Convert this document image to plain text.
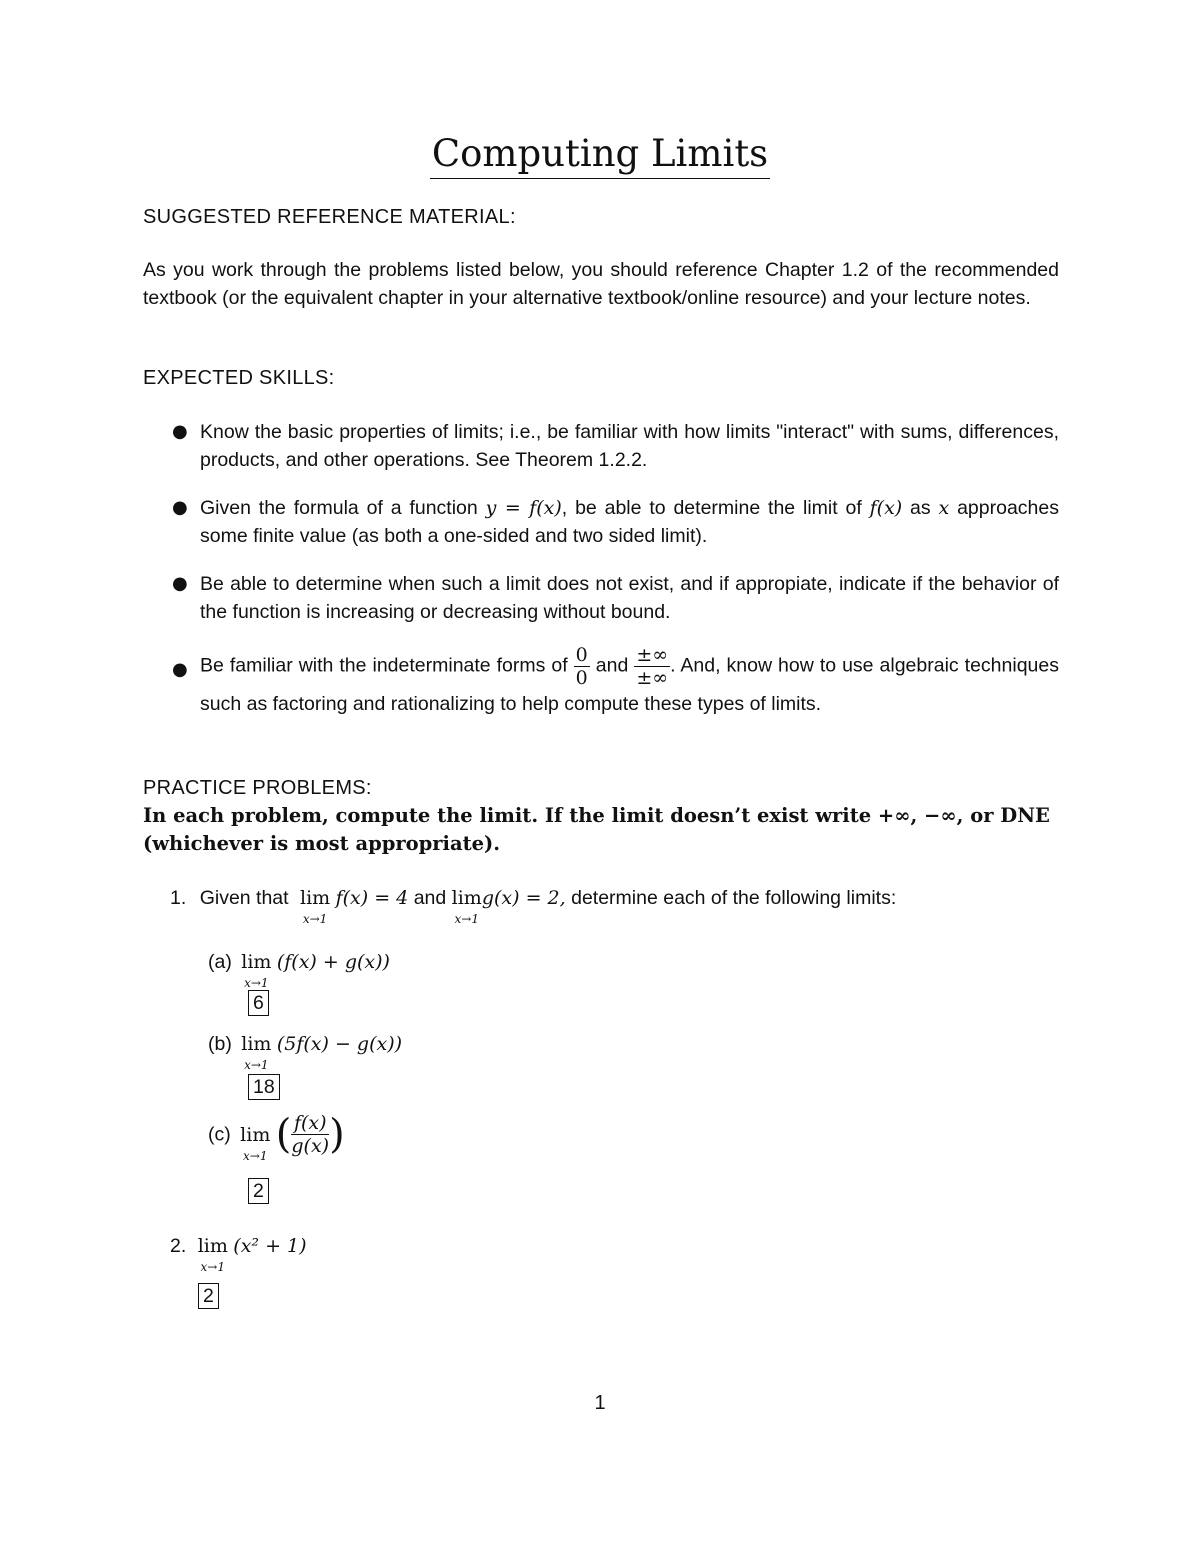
Computing Limits
SUGGESTED REFERENCE MATERIAL:
As you work through the problems listed below, you should reference Chapter 1.2 of the recommended textbook (or the equivalent chapter in your alternative textbook/online resource) and your lecture notes.
EXPECTED SKILLS:
● Know the basic properties of limits; i.e., be familiar with how limits "interact" with sums, differences, products, and other operations. See Theorem 1.2.2.
● Given the formula of a function y = f(x), be able to determine the limit of f(x) as x approaches some finite value (as both a one-sided and two sided limit).
● Be able to determine when such a limit does not exist, and if appropiate, indicate if the behavior of the function is increasing or decreasing without bound.
● Be familiar with the indeterminate forms of $\frac{0}{0}$ and $\frac{\pm\infty}{\pm\infty}$ . And, know how to use algebraic techniques such as factoring and rationalizing to help compute these types of limits.
PRACTICE PROBLEMS:
In each problem, compute the limit. If the limit doesn’t exist write +∞, −∞, or DNE (whichever is most appropriate).
1. Given that lim
x→1
f(x) = 4 and lim
x→1
g(x) = 2, determine each of the following limits:
(a) lim
x→1
(f(x) + g(x))
6
(b) lim
x→1
(5f(x) − g(x))
18
(c) lim
x→1 ( $\frac{f(x)}{g(x)}$ )
2
2. lim
x→1
(x² + 1)
2
1
